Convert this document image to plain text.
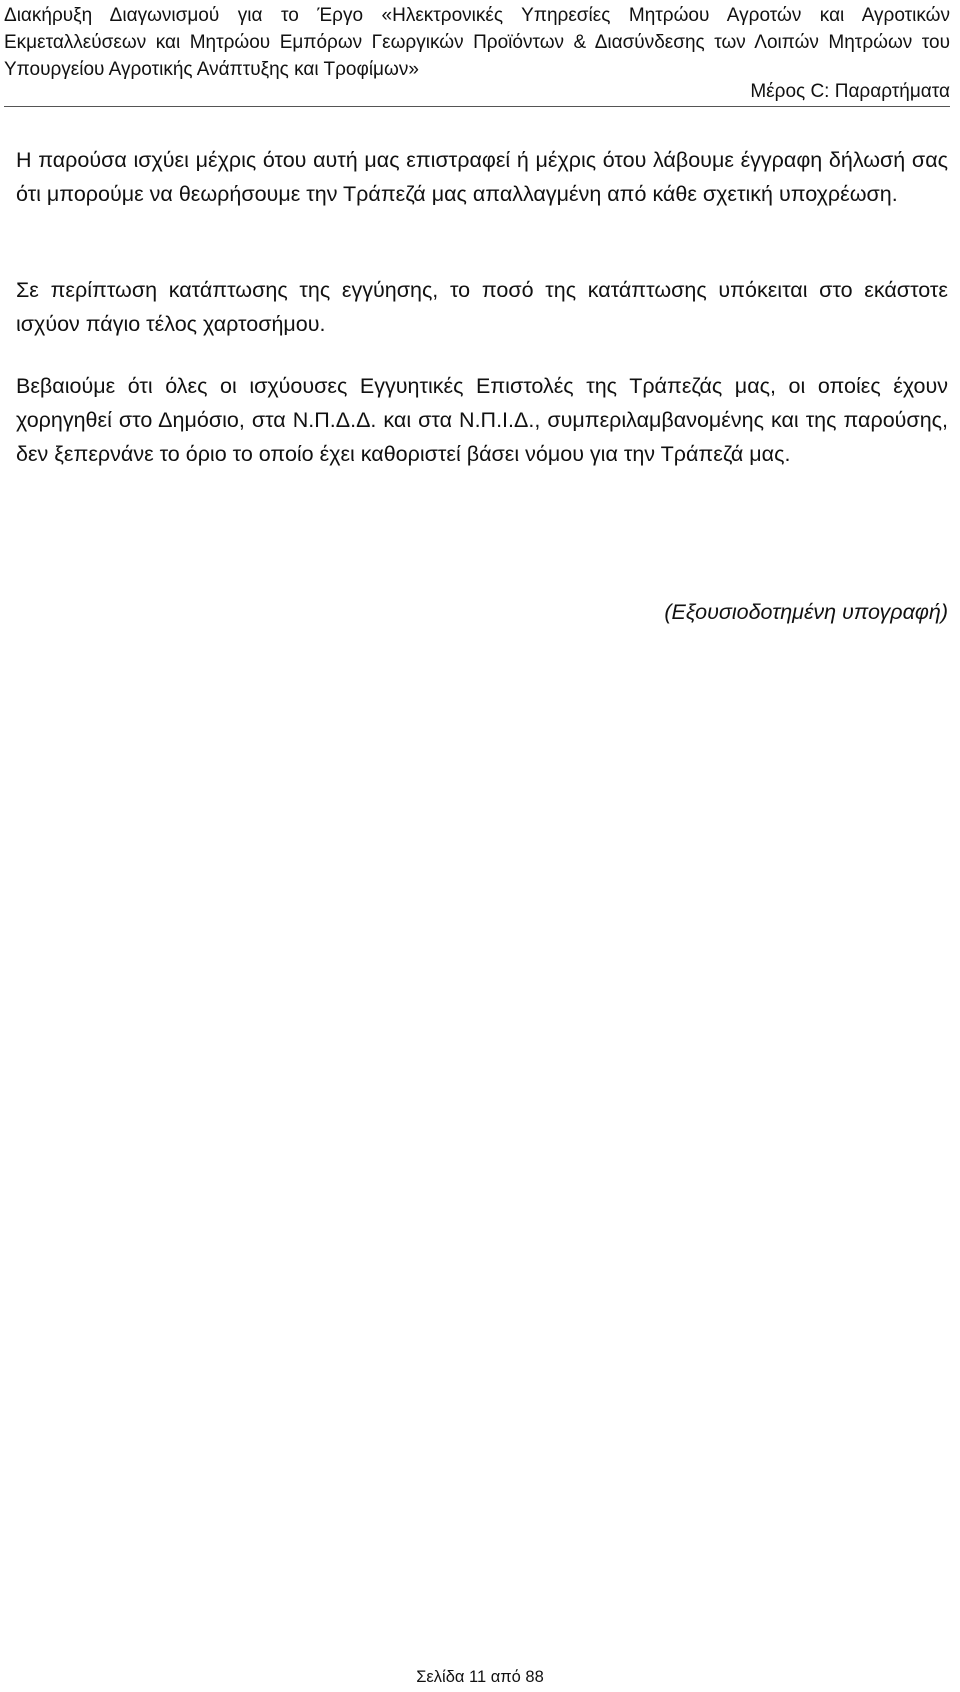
Διακήρυξη Διαγωνισμού για το Έργο «Ηλεκτρονικές Υπηρεσίες Μητρώου Αγροτών και Αγροτικών Εκμεταλλεύσεων και Μητρώου Εμπόρων Γεωργικών Προϊόντων & Διασύνδεσης των Λοιπών Μητρώων του Υπουργείου Αγροτικής Ανάπτυξης και Τροφίμων»

Μέρος C: Παραρτήματα

Η παρούσα ισχύει μέχρις ότου αυτή μας επιστραφεί ή μέχρις ότου λάβουμε έγγραφη δήλωσή σας ότι μπορούμε να θεωρήσουμε την Τράπεζά μας απαλλαγμένη από κάθε σχετική υποχρέωση.

Σε περίπτωση κατάπτωσης της εγγύησης, το ποσό της κατάπτωσης υπόκειται στο εκάστοτε ισχύον πάγιο τέλος χαρτοσήμου.

Βεβαιούμε ότι όλες οι ισχύουσες Εγγυητικές Επιστολές της Τράπεζάς μας, οι οποίες έχουν χορηγηθεί στο Δημόσιο, στα Ν.Π.Δ.Δ. και στα Ν.Π.Ι.Δ., συμπεριλαμβανομένης και της παρούσης, δεν ξεπερνάνε το όριο το οποίο έχει καθοριστεί βάσει νόμου για την Τράπεζά μας.

(Εξουσιοδοτημένη υπογραφή)

Σελίδα 11 από 88
